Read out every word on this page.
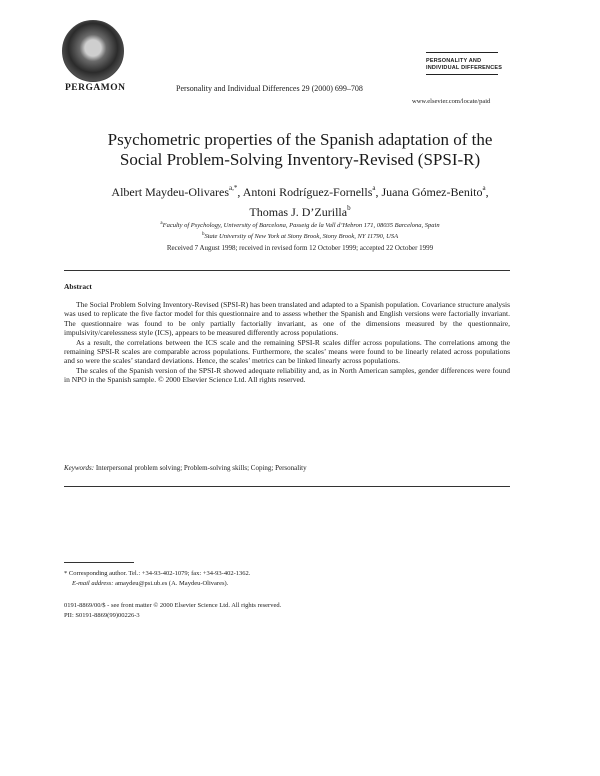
PERGAMON	Personality and Individual Differences 29 (2000) 699–708
PERSONALITY AND
INDIVIDUAL DIFFERENCES
www.elsevier.com/locate/paid
Psychometric properties of the Spanish adaptation of the
Social Problem-Solving Inventory-Revised (SPSI-R)
Albert Maydeu-Olivares$^{a,*}$, Antoni Rodríguez-Fornells$^a$, Juana Gómez-Benito$^a$,
Thomas J. D’Zurilla$^b$
$^a$Faculty of Psychology, University of Barcelona, Passeig de la Vall d’Hebron 171, 08035 Barcelona, Spain
$^b$State University of New York at Stony Brook, Stony Brook, NY 11790, USA
Received 7 August 1998; received in revised form 12 October 1999; accepted 22 October 1999
Abstract

The Social Problem Solving Inventory-Revised (SPSI-R) has been translated and adapted to a Spanish population. Covariance structure analysis was used to replicate the five factor model for this questionnaire and to assess whether the Spanish and English versions were factorially invariant. The questionnaire was found to be only partially factorially invariant, as one of the dimensions measured by the questionnaire, impulsivity/carelessness style (ICS), appears to be measured differently across populations.

As a result, the correlations between the ICS scale and the remaining SPSI-R scales differ across populations. The correlations among the remaining SPSI-R scales are comparable across populations. Furthermore, the scales’ means were found to be linearly related across populations and so were the scales’ standard deviations. Hence, the scales’ metrics can be linked linearly across populations.

The scales of the Spanish version of the SPSI-R showed adequate reliability and, as in North American samples, gender differences were found in NPO in the Spanish sample. © 2000 Elsevier Science Ltd. All rights reserved.

Keywords: Interpersonal problem solving; Problem-solving skills; Coping; Personality
* Corresponding author. Tel.: +34-93-402-1079; fax: +34-93-402-1362.
E-mail address: amaydeu@psi.ub.es (A. Maydeu-Olivares).
0191-8869/00/$ - see front matter © 2000 Elsevier Science Ltd. All rights reserved.
PII: S0191-8869(99)00226-3
